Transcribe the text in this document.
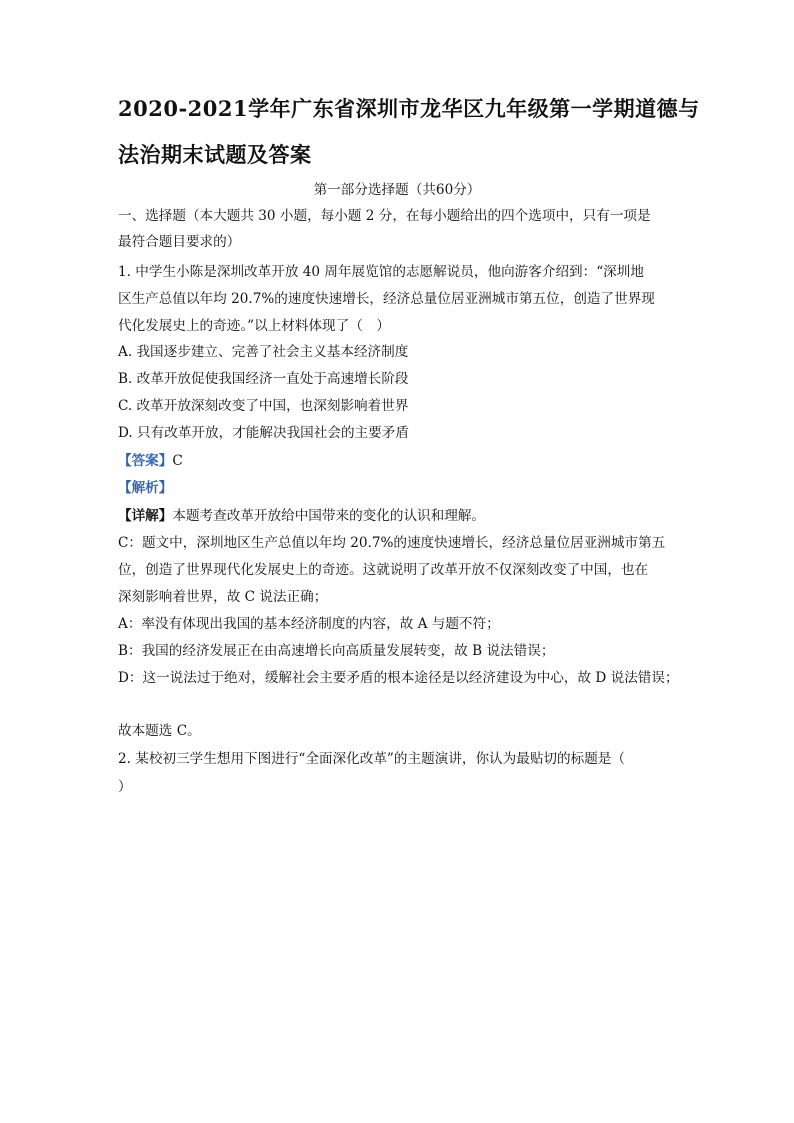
2020-2021学年广东省深圳市龙华区九年级第一学期道德与
法治期末试题及答案
第一部分选择题（共60分）
一、选择题（本大题共 30 小题，每小题 2 分，在每小题给出的四个选项中，只有一项是
最符合题目要求的）
1. 中学生小陈是深圳改革开放 40 周年展览馆的志愿解说员，他向游客介绍到：“深圳地
区生产总值以年均 20.7%的速度快速增长，经济总量位居亚洲城市第五位，创造了世界现
代化发展史上的奇迹。”以上材料体现了（　）
A. 我国逐步建立、完善了社会主义基本经济制度
B. 改革开放促使我国经济一直处于高速增长阶段
C. 改革开放深刻改变了中国，也深刻影响着世界
D. 只有改革开放，才能解决我国社会的主要矛盾
【答案】C
【解析】
【详解】本题考查改革开放给中国带来的变化的认识和理解。
C：题文中，深圳地区生产总值以年均 20.7%的速度快速增长，经济总量位居亚洲城市第五
位，创造了世界现代化发展史上的奇迹。这就说明了改革开放不仅深刻改变了中国，也在
深刻影响着世界，故 C 说法正确；
A：率没有体现出我国的基本经济制度的内容，故 A 与题不符；
B：我国的经济发展正在由高速增长向高质量发展转变，故 B 说法错误；
D：这一说法过于绝对，缓解社会主要矛盾的根本途径是以经济建设为中心，故 D 说法错误；
故本题选 C。
2. 某校初三学生想用下图进行“全面深化改革”的主题演讲，你认为最贴切的标题是（
）
